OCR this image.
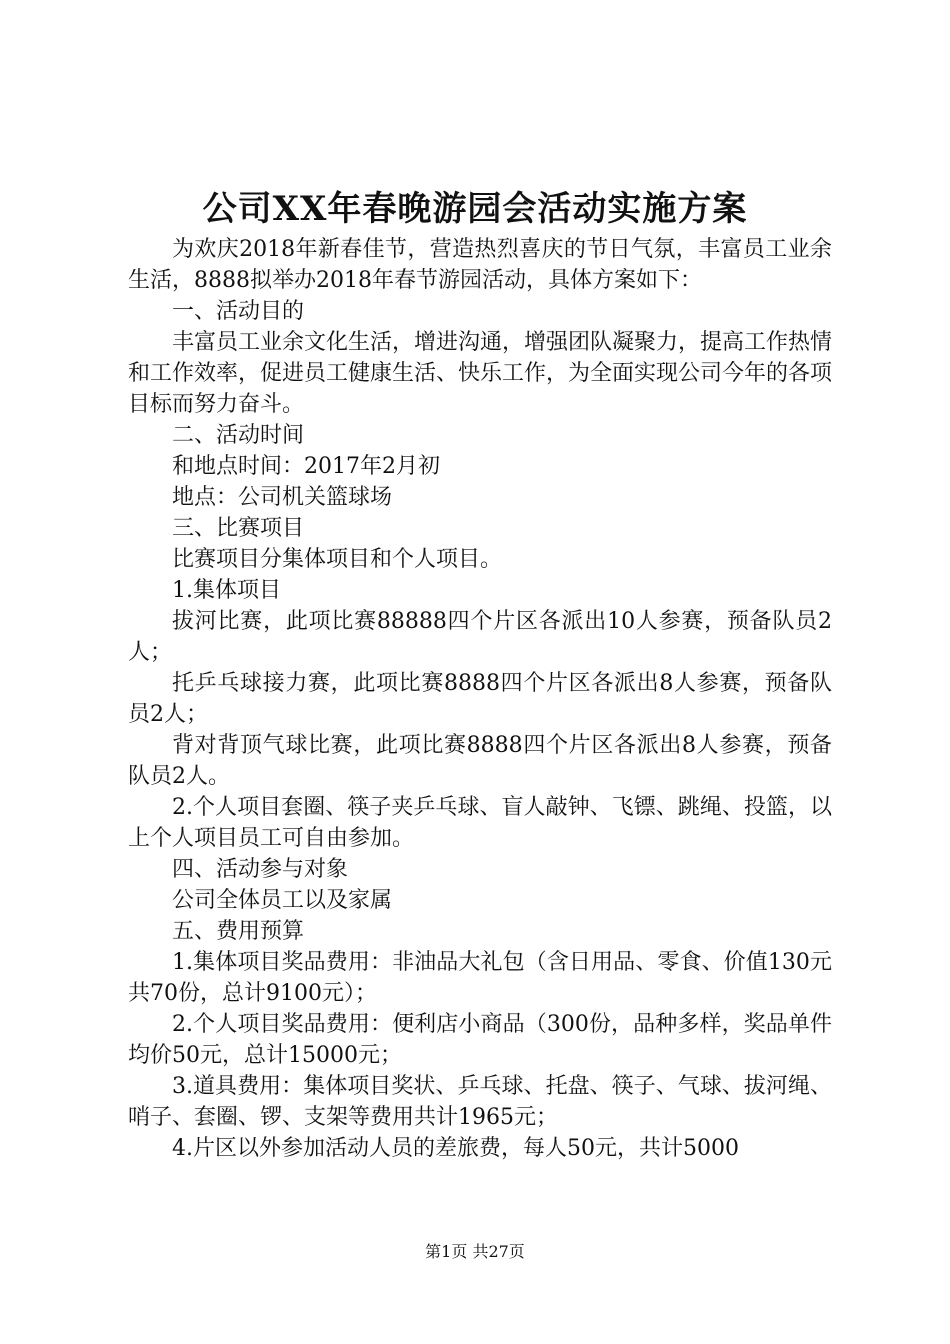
公司XX年春晚游园会活动实施方案

为欢庆2018年新春佳节，营造热烈喜庆的节日气氛，丰富员工业余生活，8888拟举办2018年春节游园活动，具体方案如下：

一、活动目的

丰富员工业余文化生活，增进沟通，增强团队凝聚力，提高工作热情和工作效率，促进员工健康生活、快乐工作，为全面实现公司今年的各项目标而努力奋斗。

二、活动时间

和地点时间：2017年2月初

地点：公司机关篮球场

三、比赛项目

比赛项目分集体项目和个人项目。

1.集体项目

拔河比赛，此项比赛88888四个片区各派出10人参赛，预备队员2人；

托乒乓球接力赛，此项比赛8888四个片区各派出8人参赛，预备队员2人；

背对背顶气球比赛，此项比赛8888四个片区各派出8人参赛，预备队员2人。

2.个人项目套圈、筷子夹乒乓球、盲人敲钟、飞镖、跳绳、投篮，以上个人项目员工可自由参加。

四、活动参与对象

公司全体员工以及家属

五、费用预算

1.集体项目奖品费用：非油品大礼包（含日用品、零食、价值130元共70份，总计9100元）；

2.个人项目奖品费用：便利店小商品（300份，品种多样，奖品单件均价50元，总计15000元；

3.道具费用：集体项目奖状、乒乓球、托盘、筷子、气球、拔河绳、哨子、套圈、锣、支架等费用共计1965元；

4.片区以外参加活动人员的差旅费，每人50元，共计5000

第1页 共27页
